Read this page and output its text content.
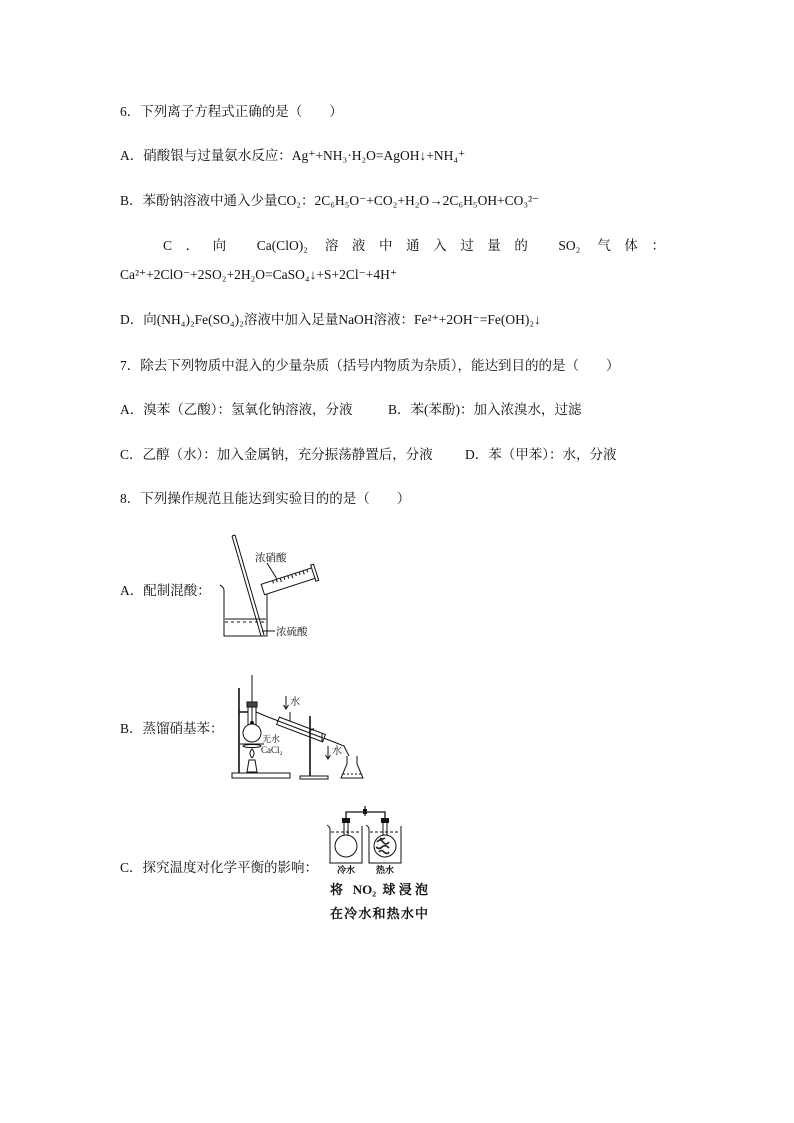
6．下列离子方程式正确的是（　　）
A．硝酸银与过量氨水反应：Ag⁺+NH₃·H₂O=AgOH↓+NH₄⁺
B．苯酚钠溶液中通入少量CO₂：2C₆H₅O⁻+CO₂+H₂O→2C₆H₅OH+CO₃²⁻
C．向 Ca(ClO)₂ 溶液中通入过量的 SO₂ 气体：
Ca²⁺+2ClO⁻+2SO₂+2H₂O=CaSO₄↓+S+2Cl⁻+4H⁺
D．向(NH₄)₂Fe(SO₄)₂溶液中加入足量NaOH溶液：Fe²⁺+2OH⁻=Fe(OH)₂↓
7．除去下列物质中混入的少量杂质（括号内物质为杂质），能达到目的的是（　　）
A．溴苯（乙酸）：氢氧化钠溶液，分液	B．苯(苯酚)：加入浓溴水，过滤
C．乙醇（水）：加入金属钠，充分振荡静置后，分液 D．苯（甲苯）：水，分液
8．下列操作规范且能达到实验目的的是（　　）
A．配制混酸：
浓硝酸
浓硫酸
B．蒸馏硝基苯：
水
水
无水
CaCl₂
C．探究温度对化学平衡的影响： 冷水 热水
将 NO₂ 球浸泡
在冷水和热水中
